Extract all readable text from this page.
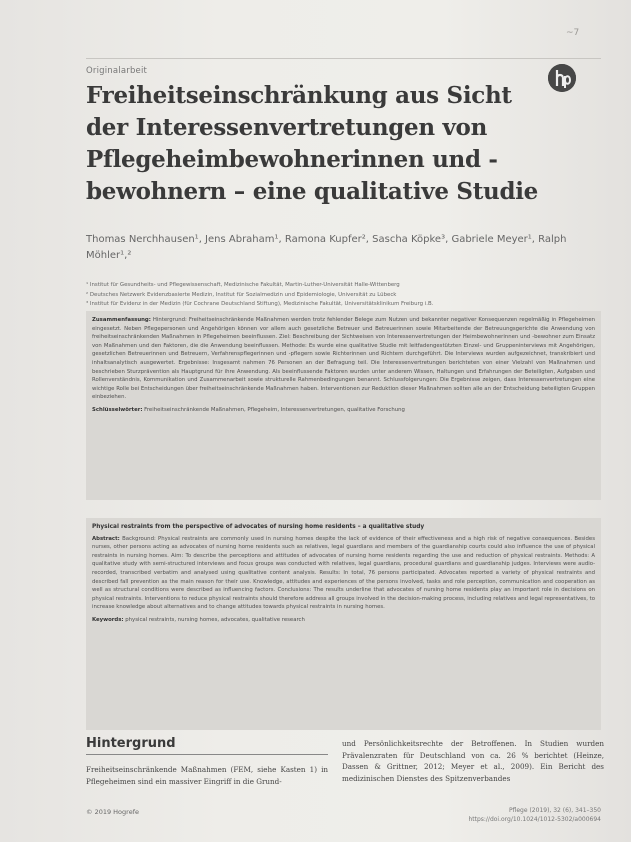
~7
Originalarbeit
Freiheitseinschränkung aus Sicht der Interessenvertretungen von Pflegeheimbewohnerinnen und -bewohnern – eine qualitative Studie
Thomas Nerchhausen¹, Jens Abraham¹, Ramona Kupfer², Sascha Köpke³, Gabriele Meyer¹, Ralph Möhler¹,²
¹ Institut für Gesundheits- und Pflegewissenschaft, Medizinische Fakultät, Martin-Luther-Universität Halle-Wittenberg
² Deutsches Netzwerk Evidenzbasierte Medizin, Institut für Sozialmedizin und Epidemiologie, Universität zu Lübeck
³ Institut für Evidenz in der Medizin (für Cochrane Deutschland Stiftung), Medizinische Fakultät, Universitätsklinikum Freiburg i.B.
Zusammenfassung: Hintergrund: Freiheitseinschränkende Maßnahmen werden trotz fehlender Belege zum Nutzen und bekannter negativer Konsequenzen regelmäßig in Pflegeheimen eingesetzt. Neben Pflegepersonen und Angehörigen können vor allem auch gesetzliche Betreuer und Betreuerinnen sowie Mitarbeitende der Betreuungsgerichte die Anwendung von freiheitseinschränkenden Maßnahmen in Pflegeheimen beeinflussen. Ziel: Beschreibung der Sichtweisen von Interessenvertretungen der Heimbewohnerinnen und -bewohner zum Einsatz von Maßnahmen und den Faktoren, die die Anwendung beeinflussen. Methode: Es wurde eine qualitative Studie mit leitfadengestützten Einzel- und Gruppeninterviews mit Angehörigen, gesetzlichen Betreuerinnen und Betreuern, Verfahrenspflegerinnen und -pflegern sowie Richterinnen und Richtern durchgeführt. Die Interviews wurden aufgezeichnet, transkribiert und inhaltsanalytisch ausgewertet. Ergebnisse: Insgesamt nahmen 76 Personen an der Befragung teil. Die Interessenvertretungen berichteten von einer Vielzahl von Maßnahmen und beschrieben Sturzprävention als Hauptgrund für ihre Anwendung. Als beeinflussende Faktoren wurden unter anderem Wissen, Haltungen und Erfahrungen der Beteiligten, Aufgaben und Rollenverständnis, Kommunikation und Zusammenarbeit sowie strukturelle Rahmenbedingungen benannt. Schlussfolgerungen: Die Ergebnisse zeigen, dass Interessenvertretungen eine wichtige Rolle bei Entscheidungen über freiheitseinschränkende Maßnahmen haben. Interventionen zur Reduktion dieser Maßnahmen sollten alle an der Entscheidung beteiligten Gruppen einbeziehen.
Schlüsselwörter: Freiheitseinschränkende Maßnahmen, Pflegeheim, Interessenvertretungen, qualitative Forschung
Physical restraints from the perspective of advocates of nursing home residents – a qualitative study
Abstract: Background: Physical restraints are commonly used in nursing homes despite the lack of evidence of their effectiveness and a high risk of negative consequences. Besides nurses, other persons acting as advocates of nursing home residents such as relatives, legal guardians and members of the guardianship courts could also influence the use of physical restraints in nursing homes. Aim: To describe the perceptions and attitudes of advocates of nursing home residents regarding the use and reduction of physical restraints. Methods: A qualitative study with semi-structured interviews and focus groups was conducted with relatives, legal guardians, procedural guardians and guardianship judges. Interviews were audio-recorded, transcribed verbatim and analysed using qualitative content analysis. Results: In total, 76 persons participated. Advocates reported a variety of physical restraints and described fall prevention as the main reason for their use. Knowledge, attitudes and experiences of the persons involved, tasks and role perception, communication and cooperation as well as structural conditions were described as influencing factors. Conclusions: The results underline that advocates of nursing home residents play an important role in decisions on physical restraints. Interventions to reduce physical restraints should therefore address all groups involved in the decision-making process, including relatives and legal representatives, to increase knowledge about alternatives and to change attitudes towards physical restraints in nursing homes.
Keywords: physical restraints, nursing homes, advocates, qualitative research
Hintergrund
Freiheitseinschränkende Maßnahmen (FEM, siehe Kasten 1) in Pflegeheimen sind ein massiver Eingriff in die Grund-
und Persönlichkeitsrechte der Betroffenen. In Studien wurden Prävalenzraten für Deutschland von ca. 26 % berichtet (Heinze, Dassen & Grittner, 2012; Meyer et al., 2009). Ein Bericht des medizinischen Dienstes des Spitzenverbandes
© 2019 Hogrefe	Pflege (2019), 32 (6), 341–350
https://doi.org/10.1024/1012-5302/a000694
